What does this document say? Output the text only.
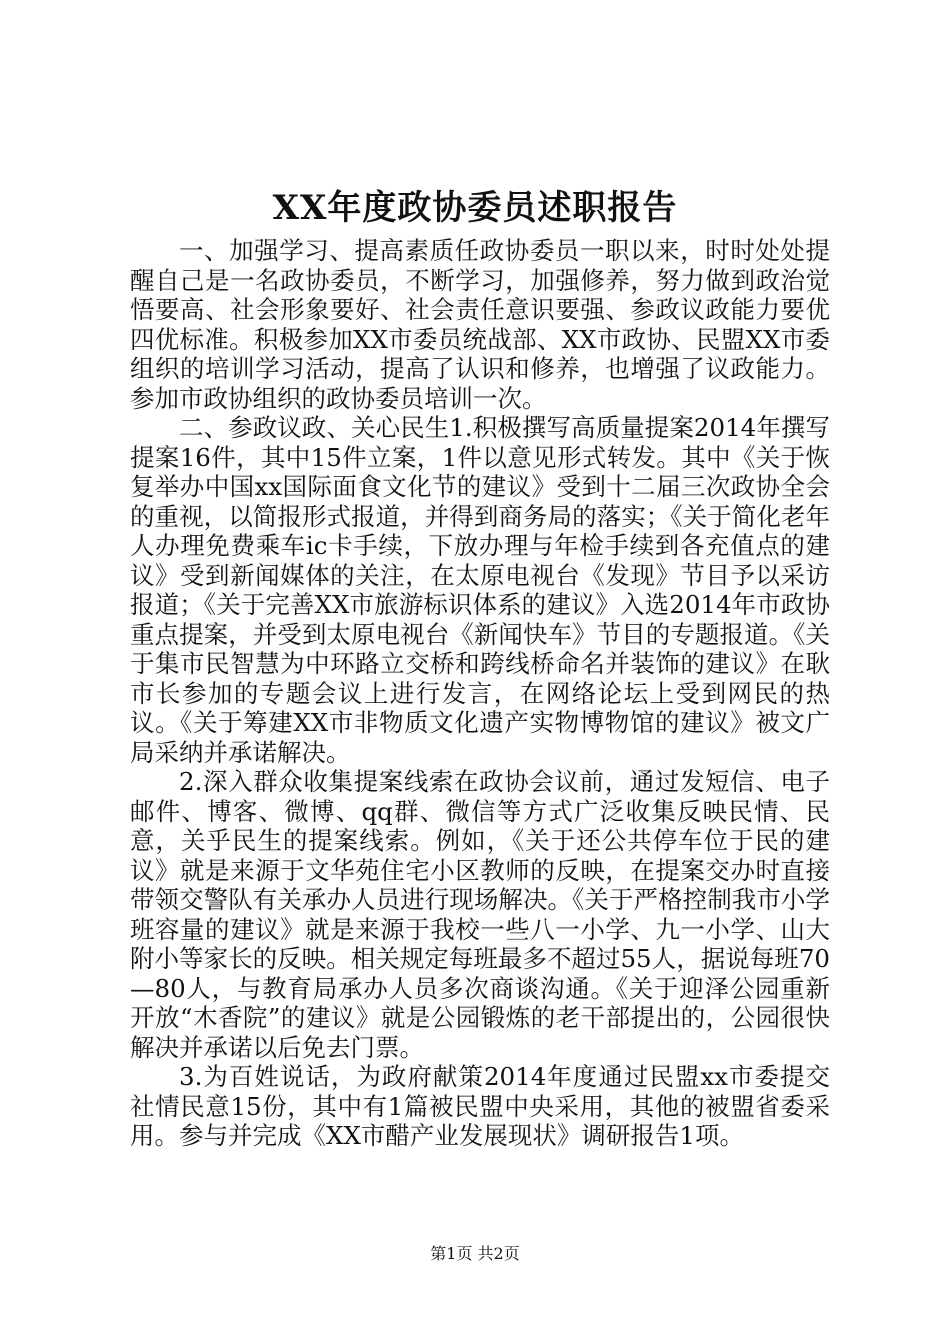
XX年度政协委员述职报告

一、加强学习、提高素质任政协委员一职以来，时时处处提醒自己是一名政协委员，不断学习，加强修养，努力做到政治觉悟要高、社会形象要好、社会责任意识要强、参政议政能力要优四优标准。积极参加XX市委员统战部、XX市政协、民盟XX市委组织的培训学习活动，提高了认识和修养，也增强了议政能力。参加市政协组织的政协委员培训一次。

二、参政议政、关心民生1.积极撰写高质量提案2014年撰写提案16件，其中15件立案，1件以意见形式转发。其中《关于恢复举办中国xx国际面食文化节的建议》受到十二届三次政协全会的重视，以简报形式报道，并得到商务局的落实；《关于简化老年人办理免费乘车ic卡手续，下放办理与年检手续到各充值点的建议》受到新闻媒体的关注，在太原电视台《发现》节目予以采访报道；《关于完善XX市旅游标识体系的建议》入选2014年市政协重点提案，并受到太原电视台《新闻快车》节目的专题报道。《关于集市民智慧为中环路立交桥和跨线桥命名并装饰的建议》在耿市长参加的专题会议上进行发言，在网络论坛上受到网民的热议。《关于筹建XX市非物质文化遗产实物博物馆的建议》被文广局采纳并承诺解决。

2.深入群众收集提案线索在政协会议前，通过发短信、电子邮件、博客、微博、qq群、微信等方式广泛收集反映民情、民意，关乎民生的提案线索。例如，《关于还公共停车位于民的建议》就是来源于文华苑住宅小区教师的反映，在提案交办时直接带领交警队有关承办人员进行现场解决。《关于严格控制我市小学班容量的建议》就是来源于我校一些八一小学、九一小学、山大附小等家长的反映。相关规定每班最多不超过55人，据说每班70—80人，与教育局承办人员多次商谈沟通。《关于迎泽公园重新开放“木香院”的建议》就是公园锻炼的老干部提出的，公园很快解决并承诺以后免去门票。

3.为百姓说话，为政府献策2014年度通过民盟xx市委提交社情民意15份，其中有1篇被民盟中央采用，其他的被盟省委采用。参与并完成《XX市醋产业发展现状》调研报告1项。

第1页 共2页
